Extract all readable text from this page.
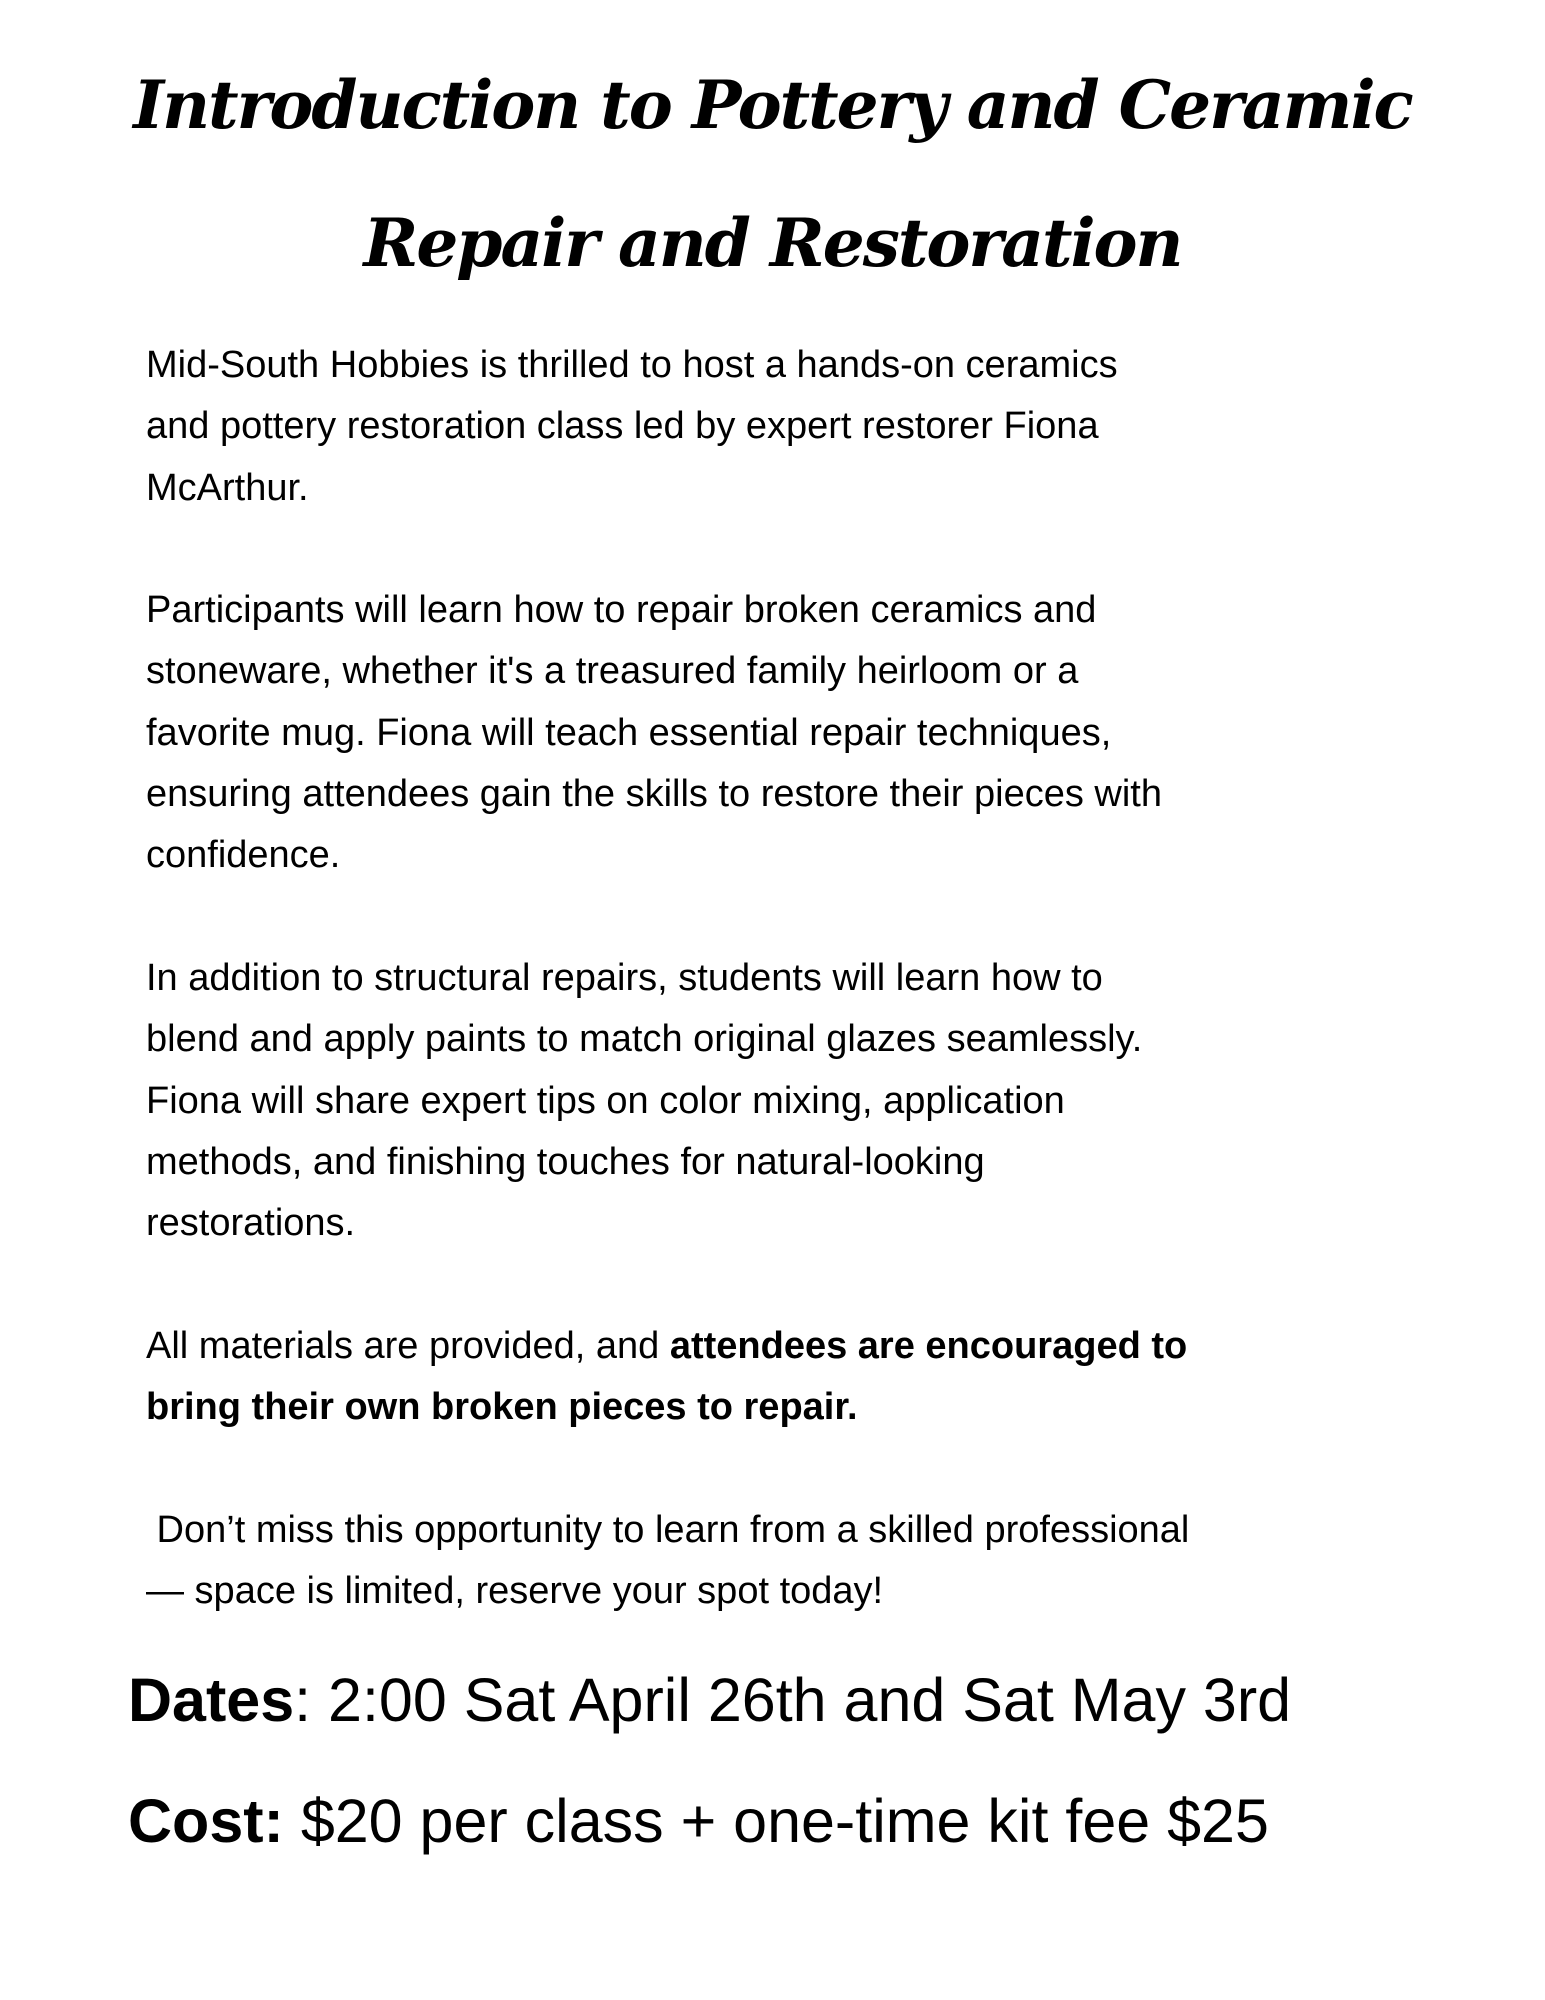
Introduction to Pottery and Ceramic
Repair and Restoration

Mid-South Hobbies is thrilled to host a hands-on ceramics
and pottery restoration class led by expert restorer Fiona
McArthur.

Participants will learn how to repair broken ceramics and
stoneware, whether it's a treasured family heirloom or a
favorite mug. Fiona will teach essential repair techniques,
ensuring attendees gain the skills to restore their pieces with
confidence.

In addition to structural repairs, students will learn how to
blend and apply paints to match original glazes seamlessly.
Fiona will share expert tips on color mixing, application
methods, and finishing touches for natural-looking
restorations.

All materials are provided, and attendees are encouraged to
bring their own broken pieces to repair.

Don’t miss this opportunity to learn from a skilled professional
— space is limited, reserve your spot today!

Dates: 2:00 Sat April 26th and Sat May 3rd
Cost: $20 per class + one-time kit fee $25
